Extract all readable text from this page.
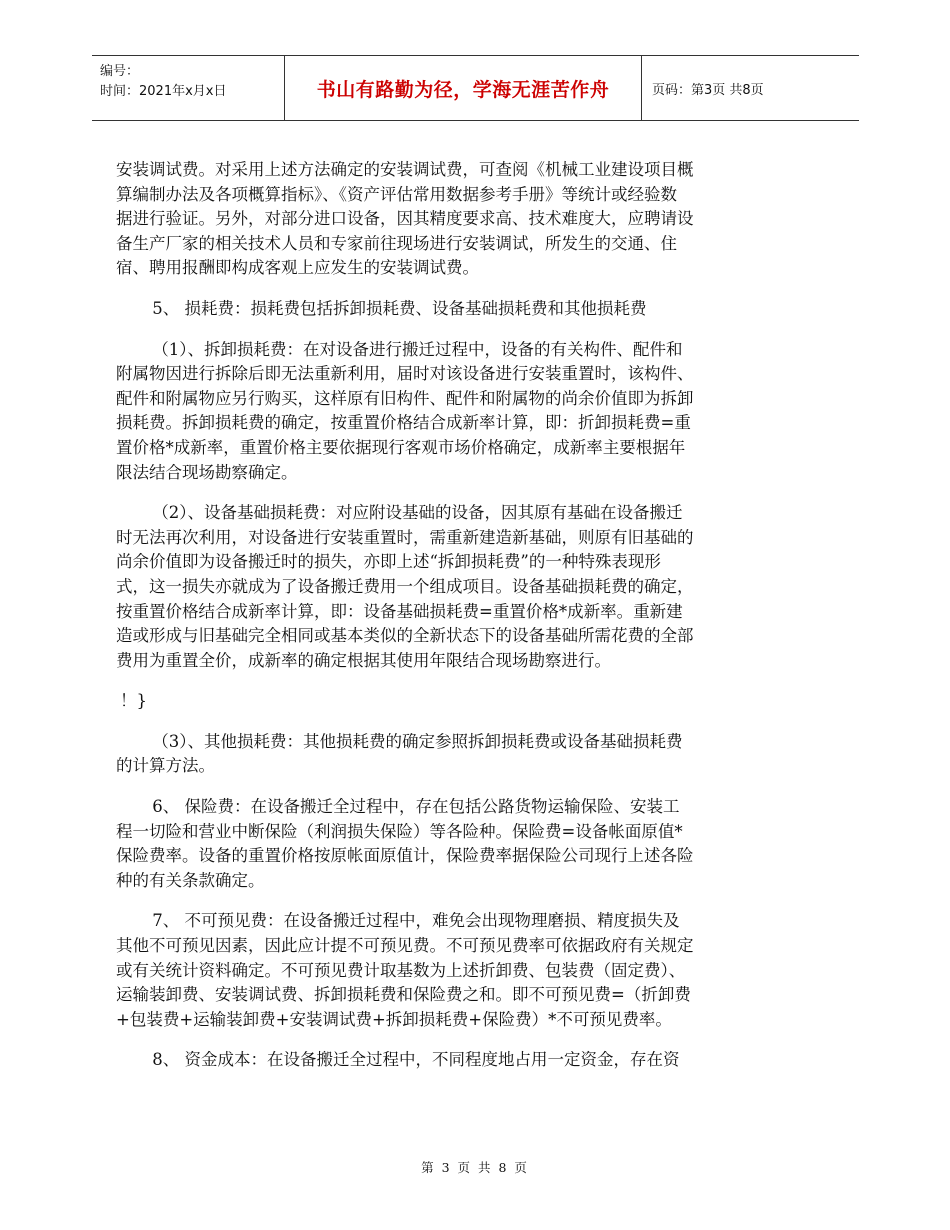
编号：
时间：2021年x月x日	书山有路勤为径，学海无涯苦作舟	页码：第3页 共8页
安装调试费。对采用上述方法确定的安装调试费，可查阅《机械工业建设项目概
算编制办法及各项概算指标》、《资产评估常用数据参考手册》等统计或经验数
据进行验证。另外，对部分进口设备，因其精度要求高、技术难度大，应聘请设
备生产厂家的相关技术人员和专家前往现场进行安装调试，所发生的交通、住
宿、聘用报酬即构成客观上应发生的安装调试费。
5、 损耗费：损耗费包括拆卸损耗费、设备基础损耗费和其他损耗费
（1）、拆卸损耗费：在对设备进行搬迁过程中，设备的有关构件、配件和
附属物因进行拆除后即无法重新利用，届时对该设备进行安装重置时，该构件、
配件和附属物应另行购买，这样原有旧构件、配件和附属物的尚余价值即为拆卸
损耗费。拆卸损耗费的确定，按重置价格结合成新率计算，即：折卸损耗费=重
置价格*成新率，重置价格主要依据现行客观市场价格确定，成新率主要根据年
限法结合现场勘察确定。
（2）、设备基础损耗费：对应附设基础的设备，因其原有基础在设备搬迁
时无法再次利用，对设备进行安装重置时，需重新建造新基础，则原有旧基础的
尚余价值即为设备搬迁时的损失，亦即上述“拆卸损耗费”的一种特殊表现形
式，这一损失亦就成为了设备搬迁费用一个组成项目。设备基础损耗费的确定，
按重置价格结合成新率计算，即：设备基础损耗费=重置价格*成新率。重新建
造或形成与旧基础完全相同或基本类似的全新状态下的设备基础所需花费的全部
费用为重置全价，成新率的确定根据其使用年限结合现场勘察进行。
！}
（3）、其他损耗费：其他损耗费的确定参照拆卸损耗费或设备基础损耗费
的计算方法。
6、 保险费：在设备搬迁全过程中，存在包括公路货物运输保险、安装工
程一切险和营业中断保险（利润损失保险）等各险种。保险费=设备帐面原值*
保险费率。设备的重置价格按原帐面原值计，保险费率据保险公司现行上述各险
种的有关条款确定。
7、 不可预见费：在设备搬迁过程中，难免会出现物理磨损、精度损失及
其他不可预见因素，因此应计提不可预见费。不可预见费率可依据政府有关规定
或有关统计资料确定。不可预见费计取基数为上述折卸费、包装费（固定费）、
运输装卸费、安装调试费、拆卸损耗费和保险费之和。即不可预见费=（折卸费
+包装费+运输装卸费+安装调试费+拆卸损耗费+保险费）*不可预见费率。
8、 资金成本：在设备搬迁全过程中，不同程度地占用一定资金，存在资
第 3 页 共 8 页
